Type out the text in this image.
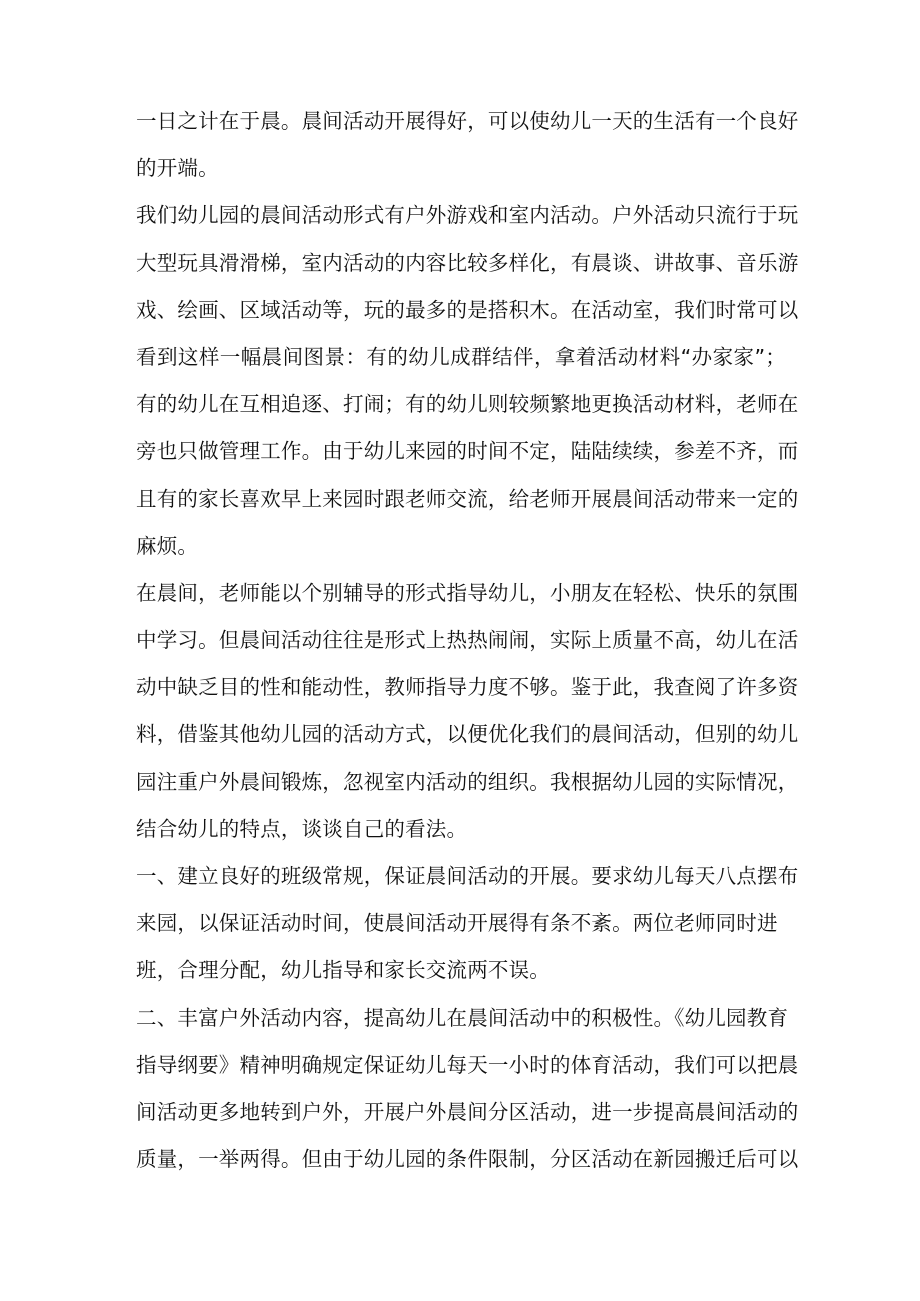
一日之计在于晨。晨间活动开展得好，可以使幼儿一天的生活有一个良好
的开端。
我们幼儿园的晨间活动形式有户外游戏和室内活动。户外活动只流行于玩
大型玩具滑滑梯，室内活动的内容比较多样化，有晨谈、讲故事、音乐游
戏、绘画、区域活动等，玩的最多的是搭积木。在活动室，我们时常可以
看到这样一幅晨间图景：有的幼儿成群结伴，拿着活动材料“办家家”；
有的幼儿在互相追逐、打闹；有的幼儿则较频繁地更换活动材料，老师在
旁也只做管理工作。由于幼儿来园的时间不定，陆陆续续，参差不齐，而
且有的家长喜欢早上来园时跟老师交流，给老师开展晨间活动带来一定的
麻烦。
在晨间，老师能以个别辅导的形式指导幼儿，小朋友在轻松、快乐的氛围
中学习。但晨间活动往往是形式上热热闹闹，实际上质量不高，幼儿在活
动中缺乏目的性和能动性，教师指导力度不够。鉴于此，我查阅了许多资
料，借鉴其他幼儿园的活动方式，以便优化我们的晨间活动，但别的幼儿
园注重户外晨间锻炼，忽视室内活动的组织。我根据幼儿园的实际情况，
结合幼儿的特点，谈谈自己的看法。
一、建立良好的班级常规，保证晨间活动的开展。要求幼儿每天八点摆布
来园，以保证活动时间，使晨间活动开展得有条不紊。两位老师同时进
班，合理分配，幼儿指导和家长交流两不误。
二、丰富户外活动内容，提高幼儿在晨间活动中的积极性。《幼儿园教育
指导纲要》精神明确规定保证幼儿每天一小时的体育活动，我们可以把晨
间活动更多地转到户外，开展户外晨间分区活动，进一步提高晨间活动的
质量，一举两得。但由于幼儿园的条件限制，分区活动在新园搬迁后可以
